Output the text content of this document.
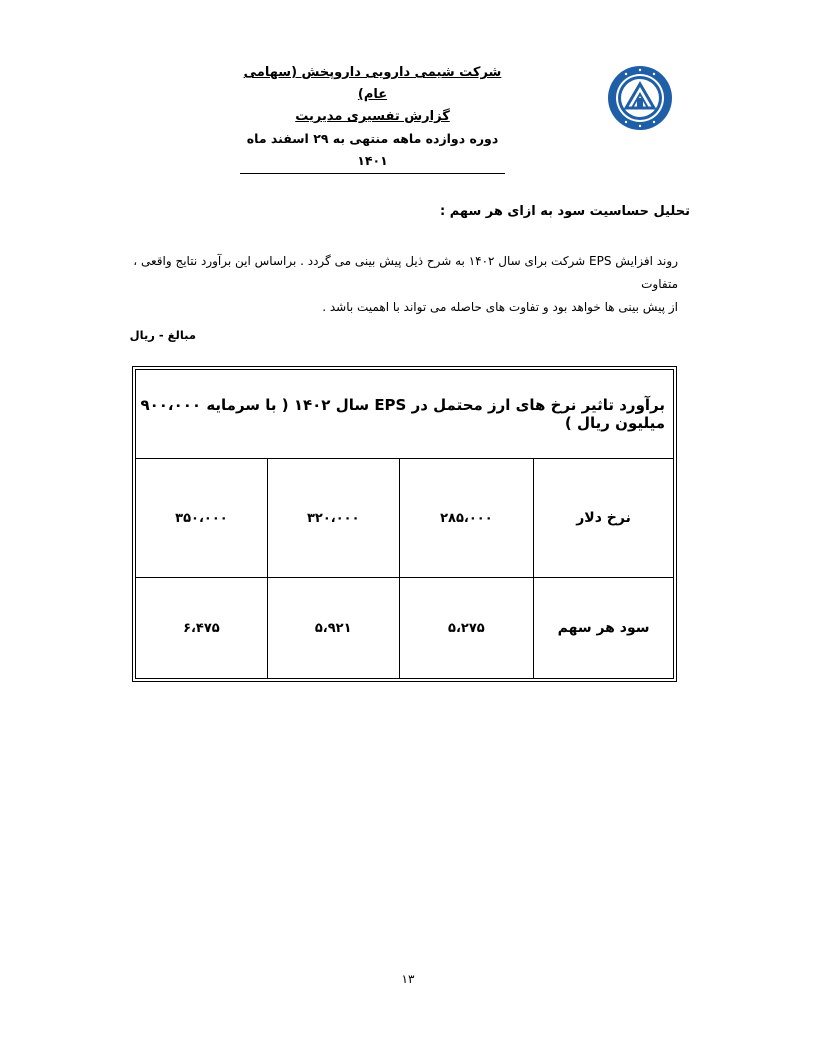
شرکت شیمی دارویی داروپخش (سهامی عام)
گزارش تفسیری مدیریت
دوره دوازده ماهه منتهی به ۲۹ اسفند ماه ۱۴۰۱
تحلیل حساسیت سود به ازای هر سهم :
روند افزایش EPS شرکت برای سال ۱۴۰۲ به شرح ذیل پیش بینی می گردد . براساس این برآورد نتایج واقعی ، متفاوت
از پیش بینی ها خواهد بود و تفاوت های حاصله می تواند با اهمیت باشد .
مبالغ - ریال
برآورد تاثیر نرخ های ارز محتمل در EPS سال ۱۴۰۲ ( با سرمایه ۹۰۰،۰۰۰ میلیون ریال )			
نرخ دلار	۲۸۵،۰۰۰	۳۲۰،۰۰۰	۳۵۰،۰۰۰
سود هر سهم	۵،۲۷۵	۵،۹۲۱	۶،۴۷۵
۱۳
